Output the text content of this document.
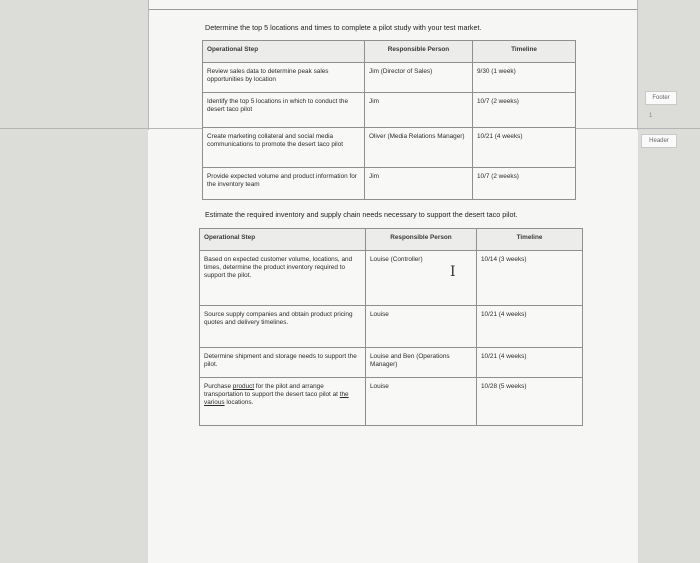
Footer
1
Header
Determine the top 5 locations and times to complete a pilot study with your test market.
Operational Step	Responsible Person	Timeline
Review sales data to determine peak sales opportunities by location	Jim (Director of Sales)	9/30 (1 week)
Identify the top 5 locations in which to conduct the desert taco pilot	Jim	10/7 (2 weeks)
Create marketing collateral and social media communications to promote the desert taco pilot	Oliver (Media Relations Manager)	10/21 (4 weeks)
Provide expected volume and product information for the inventory team	Jim	10/7 (2 weeks)
Estimate the required inventory and supply chain needs necessary to support the desert taco pilot.
Operational Step	Responsible Person	Timeline
Based on expected customer volume, locations, and times, determine the product inventory required to support the pilot.	Louise (Controller)	10/14 (3 weeks)
Source supply companies and obtain product pricing quotes and delivery timelines.	Louise	10/21 (4 weeks)
Determine shipment and storage needs to support the pilot.	Louise and Ben (Operations Manager)	10/21 (4 weeks)
Purchase product for the pilot and arrange transportation to support the desert taco pilot at the various locations.	Louise	10/28 (5 weeks)
I
